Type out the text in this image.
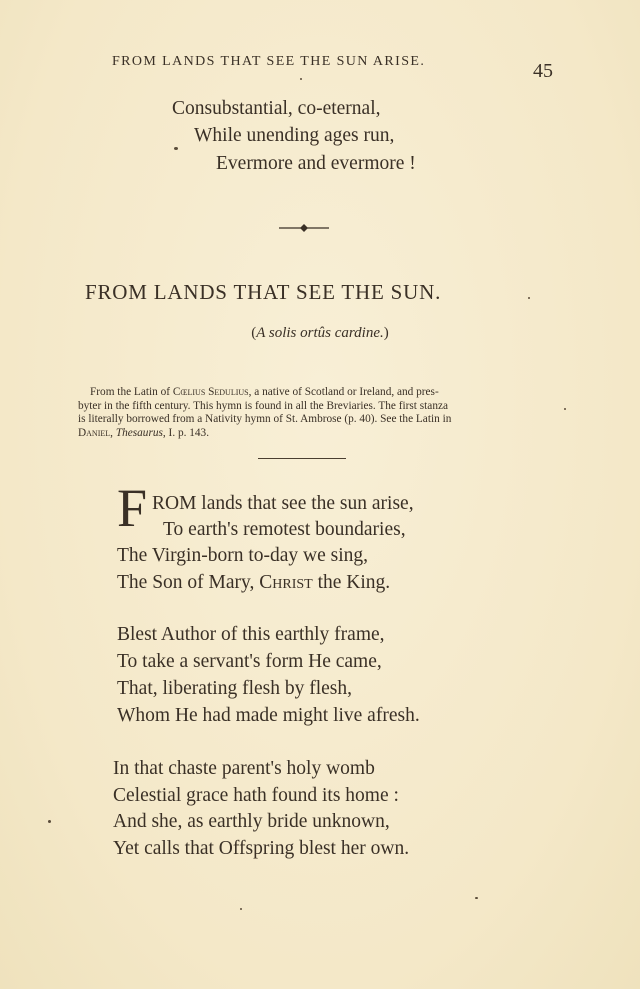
FROM LANDS THAT SEE THE SUN ARISE.	45
Consubstantial, co-eternal,
While unending ages run,
Evermore and evermore !
FROM LANDS THAT SEE THE SUN.
(A solis ortûs cardine.)
From the Latin of Cœlius Sedulius, a native of Scotland or Ireland, and pres-
byter in the fifth century. This hymn is found in all the Breviaries. The first stanza
is literally borrowed from a Nativity hymn of St. Ambrose (p. 40). See the Latin in
Daniel, Thesaurus, I. p. 143.
F ROM lands that see the sun arise,
To earth's remotest boundaries,
The Virgin-born to-day we sing,
The Son of Mary, Christ the King.
Blest Author of this earthly frame,
To take a servant's form He came,
That, liberating flesh by flesh,
Whom He had made might live afresh.
In that chaste parent's holy womb
Celestial grace hath found its home :
And she, as earthly bride unknown,
Yet calls that Offspring blest her own.
